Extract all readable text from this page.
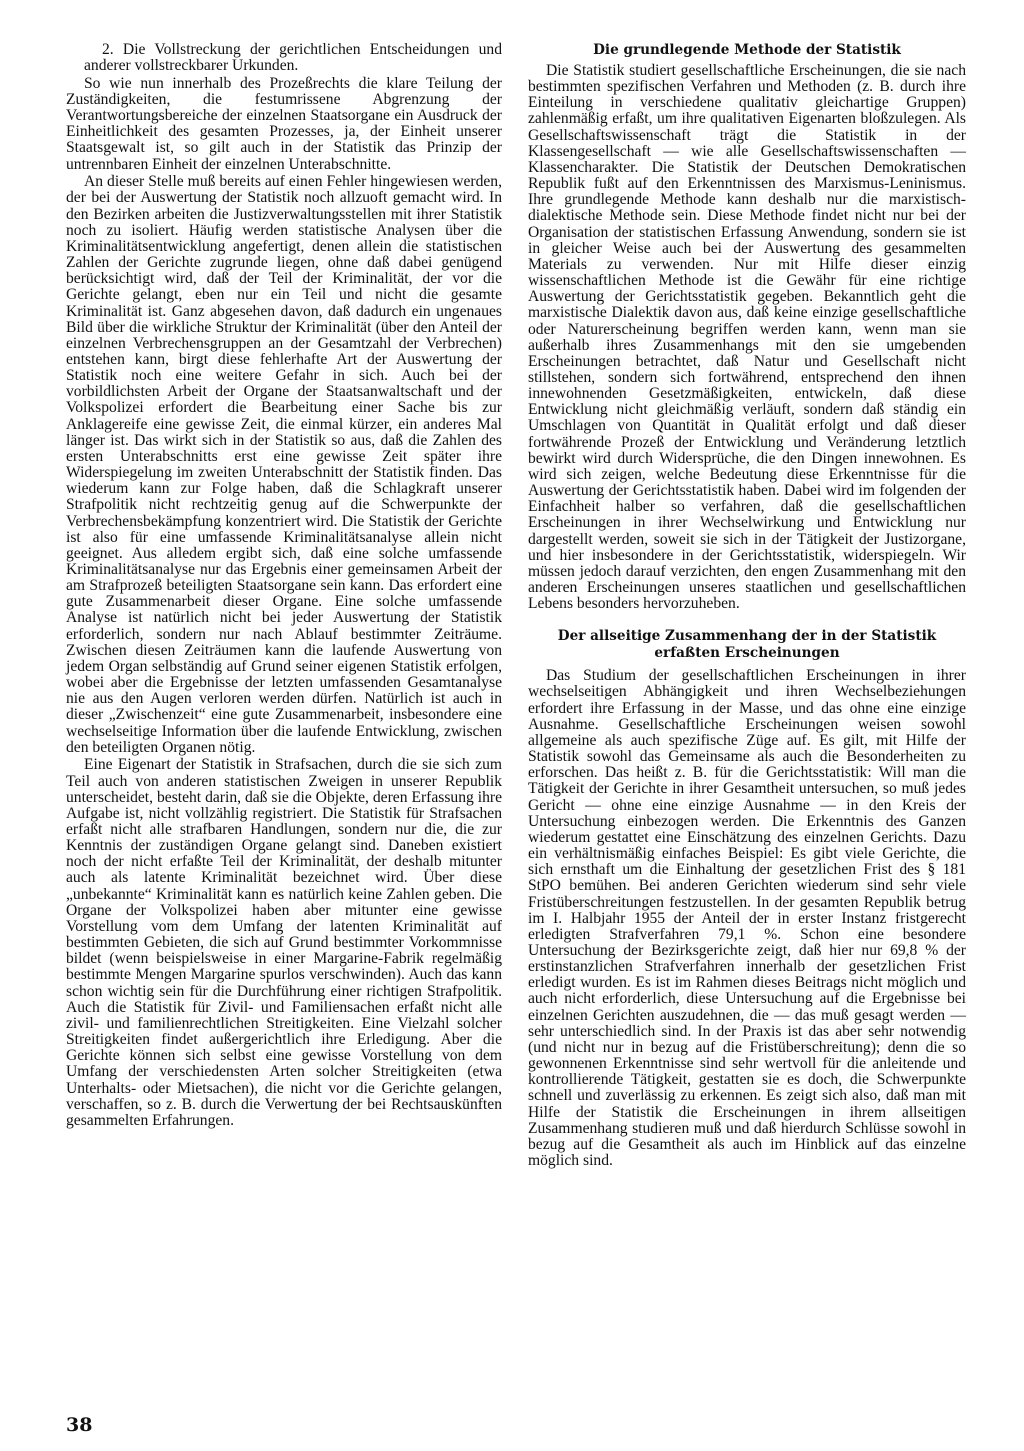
2. Die Vollstreckung der gerichtlichen Entscheidungen und anderer vollstreckbarer Urkunden.

So wie nun innerhalb des Prozeßrechts die klare Teilung der Zuständigkeiten, die festumrissene Abgrenzung der Verantwortungsbereiche der einzelnen Staatsorgane ein Ausdruck der Einheitlichkeit des gesamten Prozesses, ja, der Einheit unserer Staatsgewalt ist, so gilt auch in der Statistik das Prinzip der untrennbaren Einheit der einzelnen Unterabschnitte.

An dieser Stelle muß bereits auf einen Fehler hingewiesen werden, der bei der Auswertung der Statistik noch allzuoft gemacht wird. In den Bezirken arbeiten die Justizverwaltungsstellen mit ihrer Statistik noch zu isoliert. Häufig werden statistische Analysen über die Kriminalitätsentwicklung angefertigt, denen allein die statistischen Zahlen der Gerichte zugrunde liegen, ohne daß dabei genügend berücksichtigt wird, daß der Teil der Kriminalität, der vor die Gerichte gelangt, eben nur ein Teil und nicht die gesamte Kriminalität ist. Ganz abgesehen davon, daß dadurch ein ungenaues Bild über die wirkliche Struktur der Kriminalität (über den Anteil der einzelnen Verbrechensgruppen an der Gesamtzahl der Verbrechen) entstehen kann, birgt diese fehlerhafte Art der Auswertung der Statistik noch eine weitere Gefahr in sich. Auch bei der vorbildlichsten Arbeit der Organe der Staatsanwaltschaft und der Volkspolizei erfordert die Bearbeitung einer Sache bis zur Anklagereife eine gewisse Zeit, die einmal kürzer, ein anderes Mal länger ist. Das wirkt sich in der Statistik so aus, daß die Zahlen des ersten Unterabschnitts erst eine gewisse Zeit später ihre Widerspiegelung im zweiten Unterabschnitt der Statistik finden. Das wiederum kann zur Folge haben, daß die Schlagkraft unserer Strafpolitik nicht rechtzeitig genug auf die Schwerpunkte der Verbrechensbekämpfung konzentriert wird. Die Statistik der Gerichte ist also für eine umfassende Kriminalitätsanalyse allein nicht geeignet. Aus alledem ergibt sich, daß eine solche umfassende Kriminalitätsanalyse nur das Ergebnis einer gemeinsamen Arbeit der am Strafprozeß beteiligten Staatsorgane sein kann. Das erfordert eine gute Zusammenarbeit dieser Organe. Eine solche umfassende Analyse ist natürlich nicht bei jeder Auswertung der Statistik erforderlich, sondern nur nach Ablauf bestimmter Zeiträume. Zwischen diesen Zeiträumen kann die laufende Auswertung von jedem Organ selbständig auf Grund seiner eigenen Statistik erfolgen, wobei aber die Ergebnisse der letzten umfassenden Gesamtanalyse nie aus den Augen verloren werden dürfen. Natürlich ist auch in dieser „Zwischenzeit“ eine gute Zusammenarbeit, insbesondere eine wechselseitige Information über die laufende Entwicklung, zwischen den beteiligten Organen nötig.

Eine Eigenart der Statistik in Strafsachen, durch die sie sich zum Teil auch von anderen statistischen Zweigen in unserer Republik unterscheidet, besteht darin, daß sie die Objekte, deren Erfassung ihre Aufgabe ist, nicht vollzählig registriert. Die Statistik für Strafsachen erfaßt nicht alle strafbaren Handlungen, sondern nur die, die zur Kenntnis der zuständigen Organe gelangt sind. Daneben existiert noch der nicht erfaßte Teil der Kriminalität, der deshalb mitunter auch als latente Kriminalität bezeichnet wird. Über diese „unbekannte“ Kriminalität kann es natürlich keine Zahlen geben. Die Organe der Volkspolizei haben aber mitunter eine gewisse Vorstellung vom dem Umfang der latenten Kriminalität auf bestimmten Gebieten, die sich auf Grund bestimmter Vorkommnisse bildet (wenn beispielsweise in einer Margarine-Fabrik regelmäßig bestimmte Mengen Margarine spurlos verschwinden). Auch das kann schon wichtig sein für die Durchführung einer richtigen Strafpolitik. Auch die Statistik für Zivil- und Familiensachen erfaßt nicht alle zivil- und familienrechtlichen Streitigkeiten. Eine Vielzahl solcher Streitigkeiten findet außergerichtlich ihre Erledigung. Aber die Gerichte können sich selbst eine gewisse Vorstellung von dem Umfang der verschiedensten Arten solcher Streitigkeiten (etwa Unterhalts- oder Mietsachen), die nicht vor die Gerichte gelangen, verschaffen, so z. B. durch die Verwertung der bei Rechtsauskünften gesammelten Erfahrungen.

Die grundlegende Methode der Statistik

Die Statistik studiert gesellschaftliche Erscheinungen, die sie nach bestimmten spezifischen Verfahren und Methoden (z. B. durch ihre Einteilung in verschiedene qualitativ gleichartige Gruppen) zahlenmäßig erfaßt, um ihre qualitativen Eigenarten bloßzulegen. Als Gesellschaftswissenschaft trägt die Statistik in der Klassengesellschaft — wie alle Gesellschaftswissenschaften — Klassencharakter. Die Statistik der Deutschen Demokratischen Republik fußt auf den Erkenntnissen des Marxismus-Leninismus. Ihre grundlegende Methode kann deshalb nur die marxistisch-dialektische Methode sein. Diese Methode findet nicht nur bei der Organisation der statistischen Erfassung Anwendung, sondern sie ist in gleicher Weise auch bei der Auswertung des gesammelten Materials zu verwenden. Nur mit Hilfe dieser einzig wissenschaftlichen Methode ist die Gewähr für eine richtige Auswertung der Gerichtsstatistik gegeben. Bekanntlich geht die marxistische Dialektik davon aus, daß keine einzige gesellschaftliche oder Naturerscheinung begriffen werden kann, wenn man sie außerhalb ihres Zusammenhangs mit den sie umgebenden Erscheinungen betrachtet, daß Natur und Gesellschaft nicht stillstehen, sondern sich fortwährend, entsprechend den ihnen innewohnenden Gesetzmäßigkeiten, entwickeln, daß diese Entwicklung nicht gleichmäßig verläuft, sondern daß ständig ein Umschlagen von Quantität in Qualität erfolgt und daß dieser fortwährende Prozeß der Entwicklung und Veränderung letztlich bewirkt wird durch Widersprüche, die den Dingen innewohnen. Es wird sich zeigen, welche Bedeutung diese Erkenntnisse für die Auswertung der Gerichtsstatistik haben. Dabei wird im folgenden der Einfachheit halber so verfahren, daß die gesellschaftlichen Erscheinungen in ihrer Wechselwirkung und Entwicklung nur dargestellt werden, soweit sie sich in der Tätigkeit der Justizorgane, und hier insbesondere in der Gerichtsstatistik, widerspiegeln. Wir müssen jedoch darauf verzichten, den engen Zusammenhang mit den anderen Erscheinungen unseres staatlichen und gesellschaftlichen Lebens besonders hervorzuheben.

Der allseitige Zusammenhang der in der Statistik
erfaßten Erscheinungen

Das Studium der gesellschaftlichen Erscheinungen in ihrer wechselseitigen Abhängigkeit und ihren Wechselbeziehungen erfordert ihre Erfassung in der Masse, und das ohne eine einzige Ausnahme. Gesellschaftliche Erscheinungen weisen sowohl allgemeine als auch spezifische Züge auf. Es gilt, mit Hilfe der Statistik sowohl das Gemeinsame als auch die Besonderheiten zu erforschen. Das heißt z. B. für die Gerichtsstatistik: Will man die Tätigkeit der Gerichte in ihrer Gesamtheit untersuchen, so muß jedes Gericht — ohne eine einzige Ausnahme — in den Kreis der Untersuchung einbezogen werden. Die Erkenntnis des Ganzen wiederum gestattet eine Einschätzung des einzelnen Gerichts. Dazu ein verhältnismäßig einfaches Beispiel: Es gibt viele Gerichte, die sich ernsthaft um die Einhaltung der gesetzlichen Frist des § 181 StPO bemühen. Bei anderen Gerichten wiederum sind sehr viele Fristüberschreitungen festzustellen. In der gesamten Republik betrug im I. Halbjahr 1955 der Anteil der in erster Instanz fristgerecht erledigten Strafverfahren 79,1 %. Schon eine besondere Untersuchung der Bezirksgerichte zeigt, daß hier nur 69,8 % der erstinstanzlichen Strafverfahren innerhalb der gesetzlichen Frist erledigt wurden. Es ist im Rahmen dieses Beitrags nicht möglich und auch nicht erforderlich, diese Untersuchung auf die Ergebnisse bei einzelnen Gerichten auszudehnen, die — das muß gesagt werden — sehr unterschiedlich sind. In der Praxis ist das aber sehr notwendig (und nicht nur in bezug auf die Fristüberschreitung); denn die so gewonnenen Erkenntnisse sind sehr wertvoll für die anleitende und kontrollierende Tätigkeit, gestatten sie es doch, die Schwerpunkte schnell und zuverlässig zu erkennen. Es zeigt sich also, daß man mit Hilfe der Statistik die Erscheinungen in ihrem allseitigen Zusammenhang studieren muß und daß hierdurch Schlüsse sowohl in bezug auf die Gesamtheit als auch im Hinblick auf das einzelne möglich sind.

38
